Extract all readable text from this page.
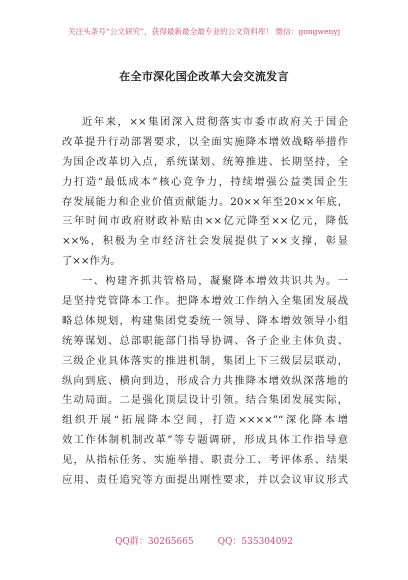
关注头条号“公文研究”，获得最新最全最专业的公文资料库！ 微信：gongwenyj
在全市深化国企改革大会交流发言
近年来，××集团深入贯彻落实市委市政府关于国企
改革提升行动部署要求，以全面实施降本增效战略举措作
为国企改革切入点，系统谋划、统筹推进、长期坚持，全
力打造“最低成本”核心竞争力，持续增强公益类国企生
存发展能力和企业价值贡献能力。20××年至20××年底，
三年时间市政府财政补贴由××亿元降至××亿元，降低
××%，积极为全市经济社会发展提供了××支撑，彰显
了××作为。
一、构建齐抓共管格局，凝聚降本增效共识共为。一
是坚持党管降本工作。把降本增效工作纳入全集团发展战
略总体规划，构建集团党委统一领导、降本增效领导小组
统筹谋划、总部职能部门指导协调、各子企业主体负责、
三级企业具体落实的推进机制，集团上下三级层层联动，
纵向到底、横向到边，形成合力共推降本增效纵深落地的
生动局面。二是强化顶层设计引领。结合集团发展实际，
组织开展“拓展降本空间，打造××××”“深化降本增
效工作体制机制改革”等专题调研，形成具体工作指导意
见，从指标任务、实施举措、职责分工、考评体系、结果
应用、责任追究等方面提出刚性要求，并以会议审议形式
QQ群：30265665	QQ：535304092
